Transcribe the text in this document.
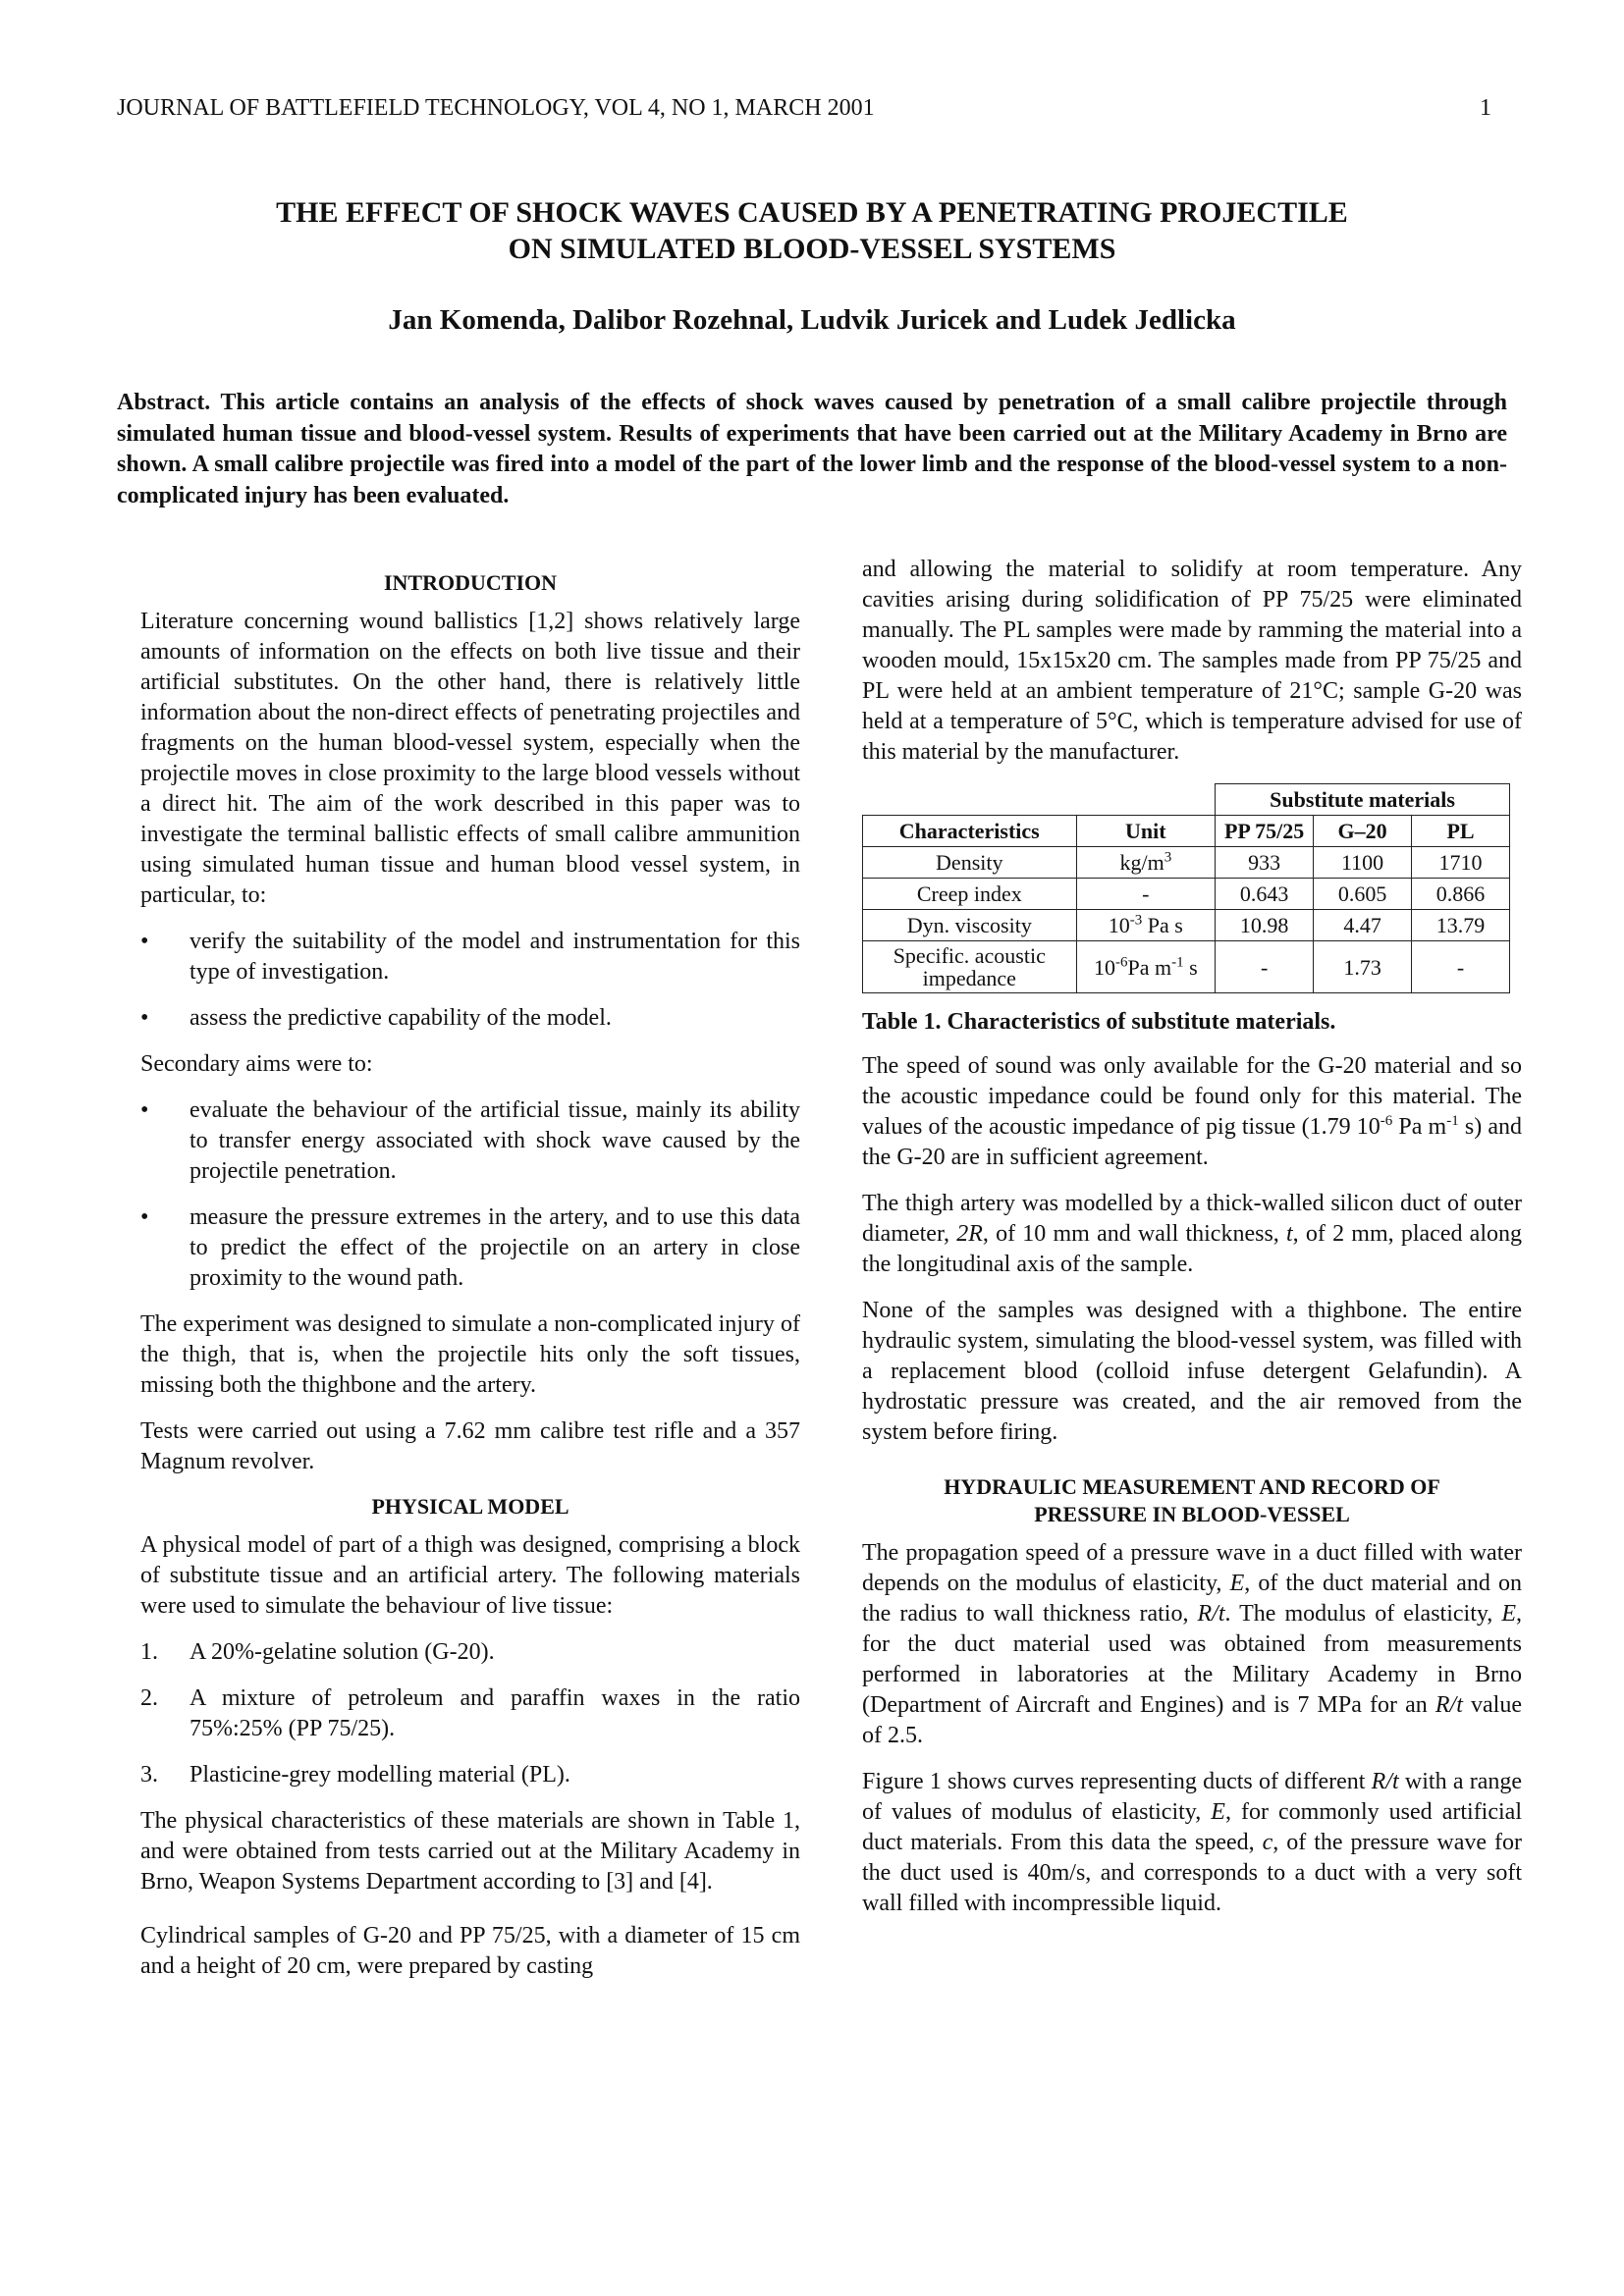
JOURNAL OF BATTLEFIELD TECHNOLOGY, VOL 4, NO 1, MARCH 2001	1
THE EFFECT OF SHOCK WAVES CAUSED BY A PENETRATING PROJECTILE
ON SIMULATED BLOOD-VESSEL SYSTEMS
Jan Komenda, Dalibor Rozehnal, Ludvik Juricek and Ludek Jedlicka
Abstract. This article contains an analysis of the effects of shock waves caused by penetration of a small calibre projectile through simulated human tissue and blood-vessel system. Results of experiments that have been carried out at the Military Academy in Brno are shown. A small calibre projectile was fired into a model of the part of the lower limb and the response of the blood-vessel system to a non-complicated injury has been evaluated.
INTRODUCTION

Literature concerning wound ballistics [1,2] shows relatively large amounts of information on the effects on both live tissue and their artificial substitutes. On the other hand, there is relatively little information about the non-direct effects of penetrating projectiles and fragments on the human blood-vessel system, especially when the projectile moves in close proximity to the large blood vessels without a direct hit. The aim of the work described in this paper was to investigate the terminal ballistic effects of small calibre ammunition using simulated human tissue and human blood vessel system, in particular, to:

•	verify the suitability of the model and instrumentation for this type of investigation.
•	assess the predictive capability of the model.

Secondary aims were to:

•	evaluate the behaviour of the artificial tissue, mainly its ability to transfer energy associated with shock wave caused by the projectile penetration.
•	measure the pressure extremes in the artery, and to use this data to predict the effect of the projectile on an artery in close proximity to the wound path.

The experiment was designed to simulate a non-complicated injury of the thigh, that is, when the projectile hits only the soft tissues, missing both the thighbone and the artery.

Tests were carried out using a 7.62 mm calibre test rifle and a 357 Magnum revolver.

PHYSICAL MODEL

A physical model of part of a thigh was designed, comprising a block of substitute tissue and an artificial artery. The following materials were used to simulate the behaviour of live tissue:

1.	A 20%-gelatine solution (G-20).
2.	A mixture of petroleum and paraffin waxes in the ratio 75%:25% (PP 75/25).
3.	Plasticine-grey modelling material (PL).

The physical characteristics of these materials are shown in Table 1, and were obtained from tests carried out at the Military Academy in Brno, Weapon Systems Department according to [3] and [4].

Cylindrical samples of G-20 and PP 75/25, with a diameter of 15 cm and a height of 20 cm, were prepared by casting

and allowing the material to solidify at room temperature. Any cavities arising during solidification of PP 75/25 were eliminated manually. The PL samples were made by ramming the material into a wooden mould, 15x15x20 cm. The samples made from PP 75/25 and PL were held at an ambient temperature of 21°C; sample G-20 was held at a temperature of 5°C, which is temperature advised for use of this material by the manufacturer.

		Substitute materials		
Characteristics	Unit	PP 75/25	G–20	PL
Density	$kg/m^3$	933	1100	1710
Creep index	-	0.643	0.605	0.866
Dyn. viscosity	$10^{-3}$ Pa s	10.98	4.47	13.79
Specific. acoustic impedance	$10^{-6}Pa$ $m^{-1}$ s	-	1.73	-
Table 1. Characteristics of substitute materials.

The speed of sound was only available for the G-20 material and so the acoustic impedance could be found only for this material. The values of the acoustic impedance of pig tissue (1.79 $10^{-6}$ Pa $m^{-1}$ s) and the G-20 are in sufficient agreement.

The thigh artery was modelled by a thick-walled silicon duct of outer diameter, 2R, of 10 mm and wall thickness, t, of 2 mm, placed along the longitudinal axis of the sample.

None of the samples was designed with a thighbone. The entire hydraulic system, simulating the blood-vessel system, was filled with a replacement blood (colloid infuse detergent Gelafundin). A hydrostatic pressure was created, and the air removed from the system before firing.

HYDRAULIC MEASUREMENT AND RECORD OF
PRESSURE IN BLOOD-VESSEL

The propagation speed of a pressure wave in a duct filled with water depends on the modulus of elasticity, E, of the duct material and on the radius to wall thickness ratio, R/t. The modulus of elasticity, E, for the duct material used was obtained from measurements performed in laboratories at the Military Academy in Brno (Department of Aircraft and Engines) and is 7 MPa for an R/t value of 2.5.

Figure 1 shows curves representing ducts of different R/t with a range of values of modulus of elasticity, E, for commonly used artificial duct materials. From this data the speed, c, of the pressure wave for the duct used is 40m/s, and corresponds to a duct with a very soft wall filled with incompressible liquid.
